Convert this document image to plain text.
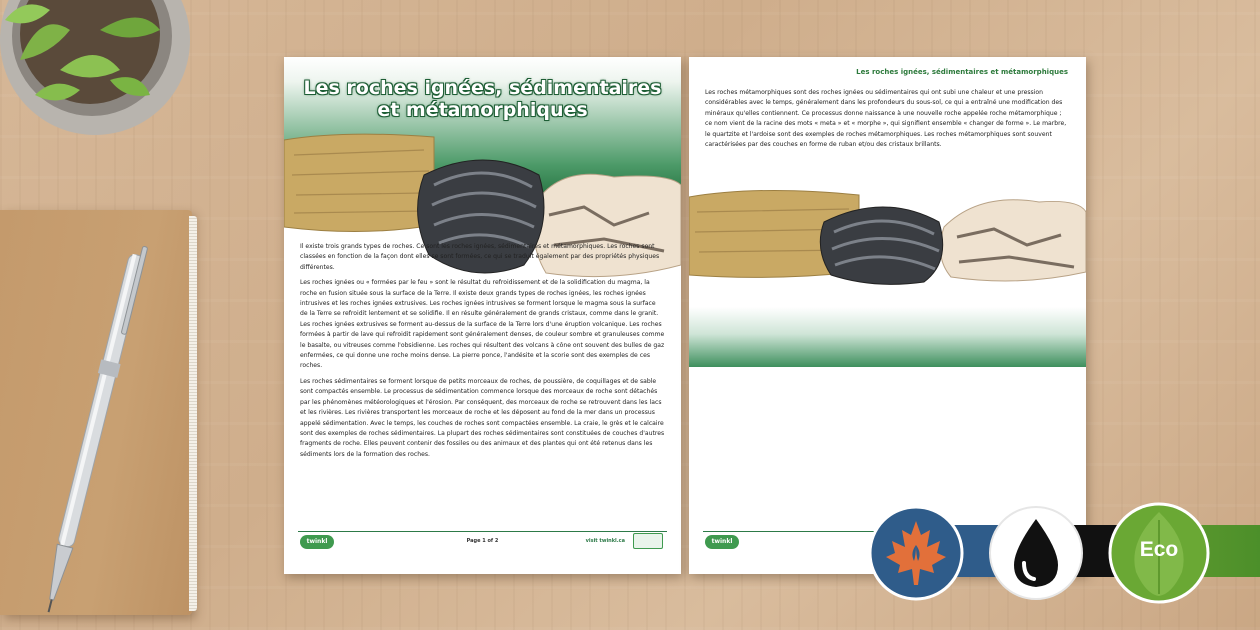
Les roches ignées, sédimentaires
et métamorphiques

Il existe trois grands types de roches. Ce sont les roches ignées, sédimentaires et métamorphiques. Les roches sont classées en fonction de la façon dont elles se sont formées, ce qui se traduit également par des propriétés physiques différentes.

Les roches ignées ou « formées par le feu » sont le résultat du refroidissement et de la solidification du magma, la roche en fusion située sous la surface de la Terre. Il existe deux grands types de roches ignées, les roches ignées intrusives et les roches ignées extrusives. Les roches ignées intrusives se forment lorsque le magma sous la surface de la Terre se refroidit lentement et se solidifie. Il en résulte généralement de grands cristaux, comme dans le granit. Les roches ignées extrusives se forment au-dessus de la surface de la Terre lors d'une éruption volcanique. Les roches formées à partir de lave qui refroidit rapidement sont généralement denses, de couleur sombre et granuleuses comme le basalte, ou vitreuses comme l'obsidienne. Les roches qui résultent des volcans à cône ont souvent des bulles de gaz enfermées, ce qui donne une roche moins dense. La pierre ponce, l'andésite et la scorie sont des exemples de ces roches.

Les roches sédimentaires se forment lorsque de petits morceaux de roches, de poussière, de coquillages et de sable sont compactés ensemble. Le processus de sédimentation commence lorsque des morceaux de roche sont détachés par les phénomènes météorologiques et l'érosion. Par conséquent, des morceaux de roche se retrouvent dans les lacs et les rivières. Les rivières transportent les morceaux de roche et les déposent au fond de la mer dans un processus appelé sédimentation. Avec le temps, les couches de roches sont compactées ensemble. La craie, le grès et le calcaire sont des exemples de roches sédimentaires. La plupart des roches sédimentaires sont constituées de couches d'autres fragments de roche. Elles peuvent contenir des fossiles ou des animaux et des plantes qui ont été retenus dans les sédiments lors de la formation des roches.

twinkl	Page 1 of 2	visit twinkl.ca
Les roches ignées, sédimentaires et métamorphiques

Les roches métamorphiques sont des roches ignées ou sédimentaires qui ont subi une chaleur et une pression considérables avec le temps, généralement dans les profondeurs du sous-sol, ce qui a entraîné une modification des minéraux qu'elles contiennent. Ce processus donne naissance à une nouvelle roche appelée roche métamorphique ; ce nom vient de la racine des mots « meta » et « morphe », qui signifient ensemble « changer de forme ». Le marbre, le quartzite et l'ardoise sont des exemples de roches métamorphiques. Les roches métamorphiques sont souvent caractérisées par des couches en forme de ruban et/ou des cristaux brillants.

twinkl	Eco
